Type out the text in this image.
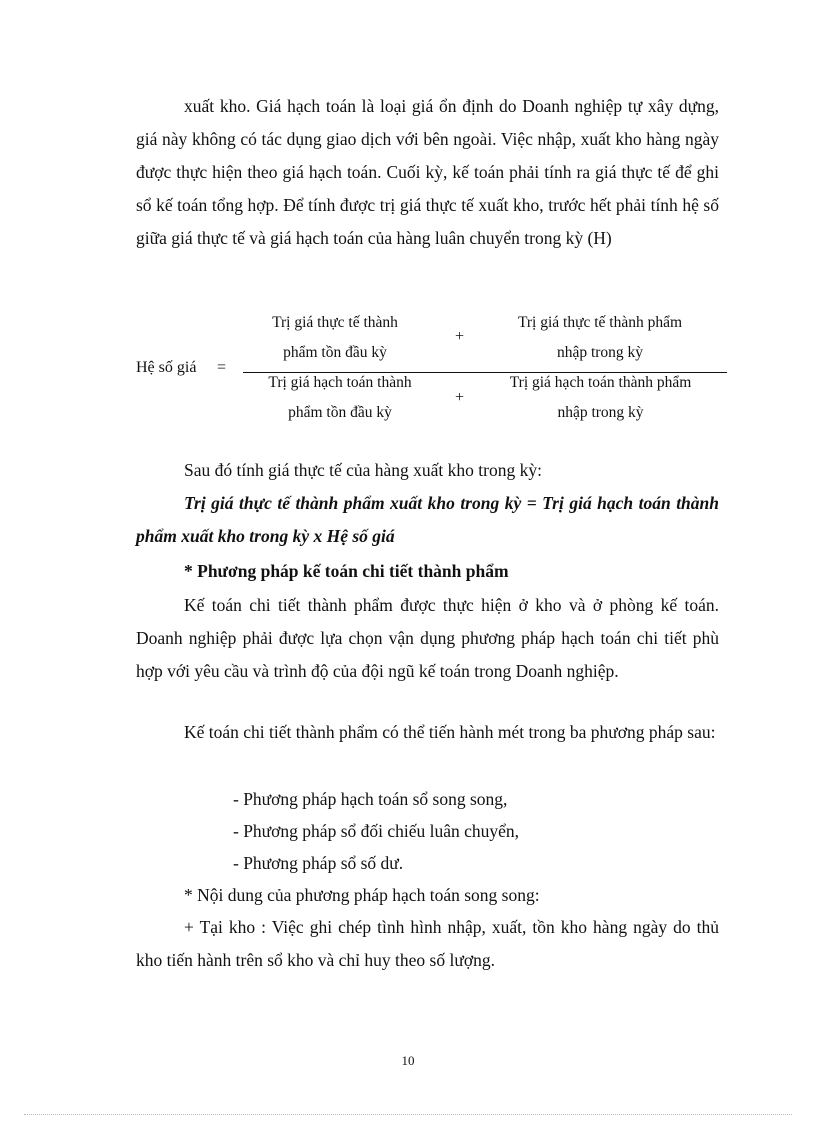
xuất kho. Giá hạch toán là loại giá ổn định do Doanh nghiệp tự xây dựng, giá này không có tác dụng giao dịch với bên ngoài. Việc nhập, xuất kho hàng ngày được thực hiện theo giá hạch toán. Cuối kỳ, kế toán phải tính ra giá thực tế để ghi sổ kế toán tổng hợp. Để tính được trị giá thực tế xuất kho, trước hết phải tính hệ số giữa giá thực tế và giá hạch toán của hàng luân chuyển trong kỳ (H)
Hệ số giá =
Trị giá thực tế thành
phẩm tồn đầu kỳ
+
Trị giá thực tế thành phẩm
nhập trong kỳ
Trị giá hạch toán thành
phẩm tồn đầu kỳ
+
Trị giá hạch toán thành phẩm
nhập trong kỳ
Sau đó tính giá thực tế của hàng xuất kho trong kỳ:
Trị giá thực tế thành phẩm xuất kho trong kỳ = Trị giá hạch toán thành phẩm xuất kho trong kỳ x Hệ số giá
* Phương pháp kế toán chi tiết thành phẩm
Kế toán chi tiết thành phẩm được thực hiện ở kho và ở phòng kế toán. Doanh nghiệp phải được lựa chọn vận dụng phương pháp hạch toán chi tiết phù hợp với yêu cầu và trình độ của đội ngũ kế toán trong Doanh nghiệp.
Kế toán chi tiết thành phẩm có thể tiến hành mét trong ba phương pháp sau:
- Phương pháp hạch toán sổ song song,
- Phương pháp sổ đối chiếu luân chuyển,
- Phương pháp sổ số dư.
* Nội dung của phương pháp hạch toán song song:
+ Tại kho : Việc ghi chép tình hình nhập, xuất, tồn kho hàng ngày do thủ kho tiến hành trên sổ kho và chỉ huy theo số lượng.
10
